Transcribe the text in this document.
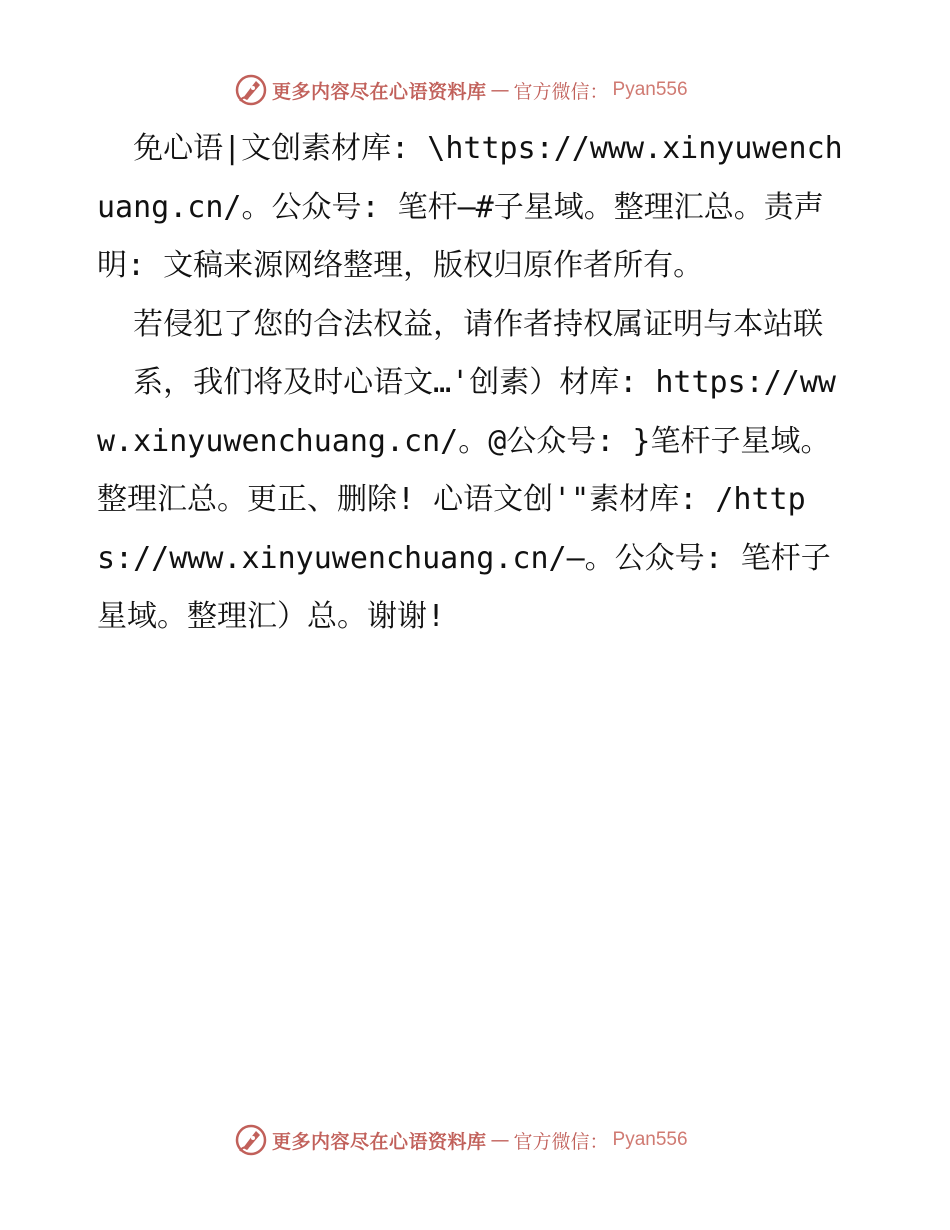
更多内容尽在心语资料库 — 官方微信： Pyan556

免心语|文创素材库: \https://www.xinyuwenchuang.cn/。公众号: 笔杆—#子星域。整理汇总。责声明: 文稿来源网络整理，版权归原作者所有。

若侵犯了您的合法权益，请作者持权属证明与本站联

系，我们将及时心语文…'创素）材库: https://www.xinyuwenchuang.cn/。@公众号: }笔杆子星域。整理汇总。更正、删除! 心语文创'"素材库: /https://www.xinyuwenchuang.cn/—。公众号: 笔杆子星域。整理汇）总。谢谢!

更多内容尽在心语资料库 — 官方微信： Pyan556
